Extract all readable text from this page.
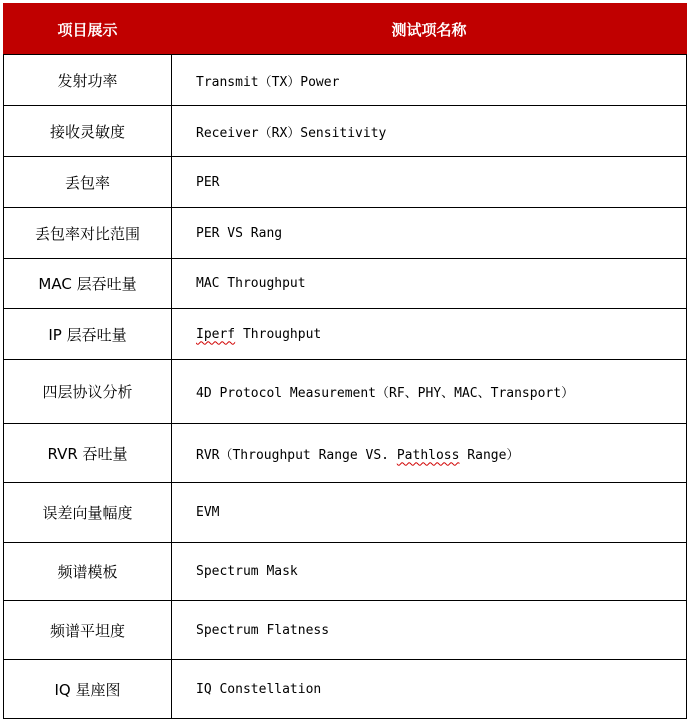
项目展示	测试项名称
发射功率	Transmit（TX）Power
接收灵敏度	Receiver（RX）Sensitivity
丢包率	PER
丢包率对比范围	PER VS Rang
MAC 层吞吐量	MAC Throughput
IP 层吞吐量	Iperf Throughput
四层协议分析	4D Protocol Measurement（RF、PHY、MAC、Transport）
RVR 吞吐量	RVR（Throughput Range VS. Pathloss Range）
误差向量幅度	EVM
频谱模板	Spectrum Mask
频谱平坦度	Spectrum Flatness
IQ 星座图	IQ Constellation
